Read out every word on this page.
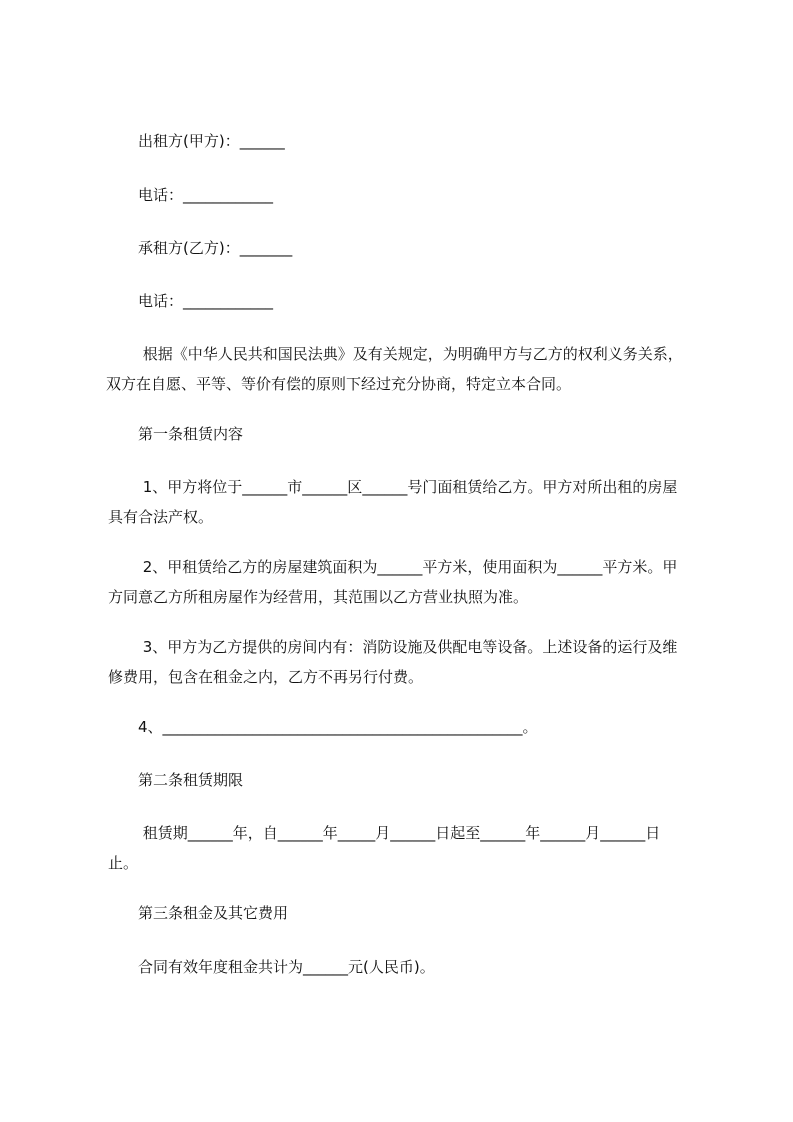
　　出租方(甲方)：______

　　电话：____________

　　承租方(乙方)：_______

　　电话：____________

　　 根据《中华人民共和国民法典》及有关规定，为明确甲方与乙方的权利义务关系，
双方在自愿、平等、等价有偿的原则下经过充分协商，特定立本合同。

　　第一条租赁内容

　　 1、甲方将位于______市______区______号门面租赁给乙方。甲方对所出租的房屋
具有合法产权。

　　 2、甲租赁给乙方的房屋建筑面积为______平方米，使用面积为______平方米。甲
方同意乙方所租房屋作为经营用，其范围以乙方营业执照为准。

　　 3、甲方为乙方提供的房间内有：消防设施及供配电等设备。上述设备的运行及维
修费用，包含在租金之内，乙方不再另行付费。

　　4、________________________________________________。

　　第二条租赁期限

　　 租赁期______年，自______年_____月______日起至______年______月______日
止。

　　第三条租金及其它费用

　　合同有效年度租金共计为______元(人民币)。
